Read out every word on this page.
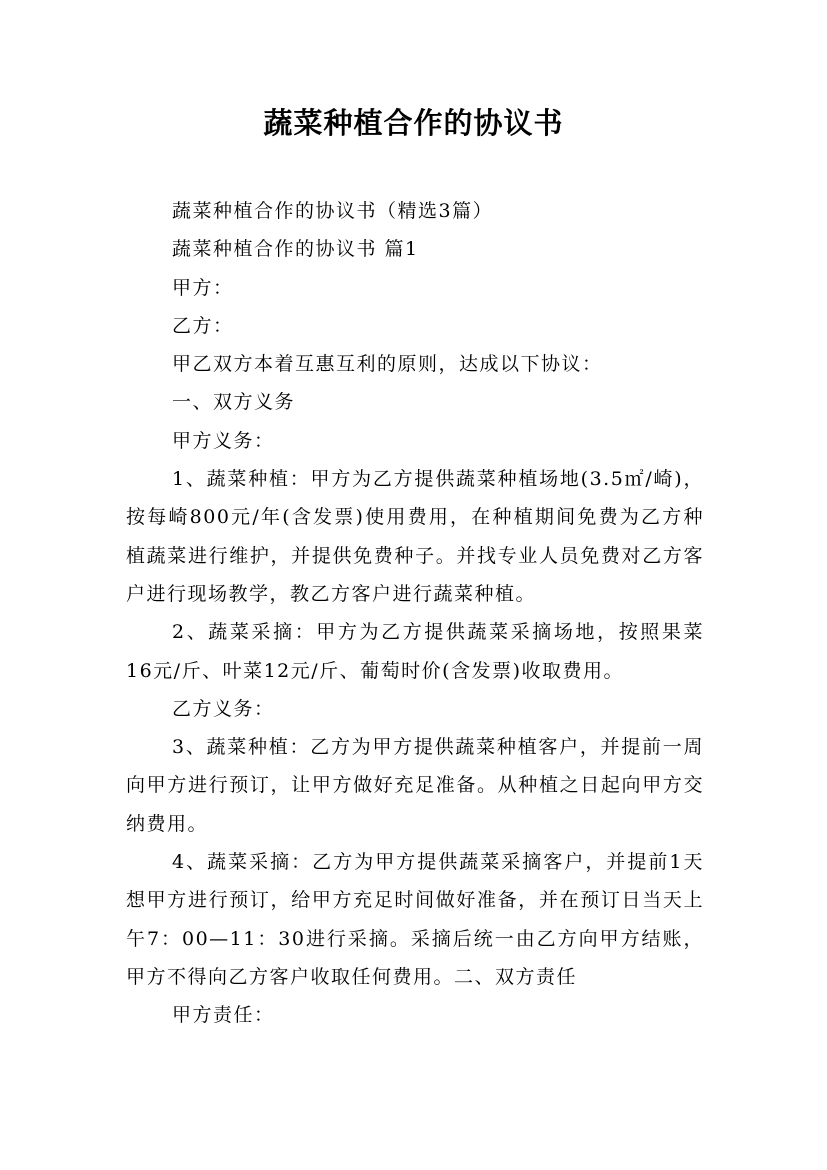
蔬菜种植合作的协议书

蔬菜种植合作的协议书（精选3篇）

蔬菜种植合作的协议书 篇1

甲方：

乙方：

甲乙双方本着互惠互利的原则，达成以下协议：

一、双方义务

甲方义务：

1、蔬菜种植：甲方为乙方提供蔬菜种植场地(3.5㎡/崎)，按每崎800元/年(含发票)使用费用，在种植期间免费为乙方种植蔬菜进行维护，并提供免费种子。并找专业人员免费对乙方客户进行现场教学，教乙方客户进行蔬菜种植。

2、蔬菜采摘：甲方为乙方提供蔬菜采摘场地，按照果菜16元/斤、叶菜12元/斤、葡萄时价(含发票)收取费用。

乙方义务：

3、蔬菜种植：乙方为甲方提供蔬菜种植客户，并提前一周向甲方进行预订，让甲方做好充足准备。从种植之日起向甲方交纳费用。

4、蔬菜采摘：乙方为甲方提供蔬菜采摘客户，并提前1天想甲方进行预订，给甲方充足时间做好准备，并在预订日当天上午7：00—11：30进行采摘。采摘后统一由乙方向甲方结账，甲方不得向乙方客户收取任何费用。二、双方责任

甲方责任：
